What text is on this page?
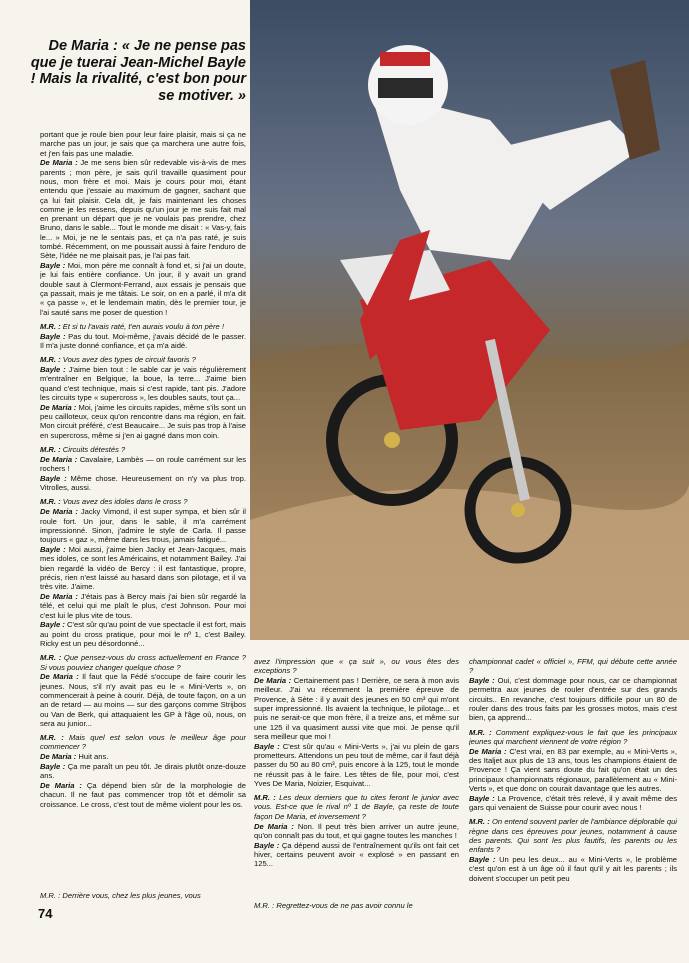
De Maria : « Je ne pense pas que je tuerai Jean-Michel Bayle ! Mais la rivalité, c'est bon pour se motiver. »

portant que je roule bien pour leur faire plaisir, mais si ça ne marche pas un jour, je sais que ça marchera une autre fois, et j'en fais pas une maladie.

De Maria : Je me sens bien sûr redevable vis-à-vis de mes parents ; mon père, je sais qu'il travaille quasiment pour nous, mon frère et moi. Mais je cours pour moi, étant entendu que j'essaie au maximum de gagner, sachant que ça lui fait plaisir. Cela dit, je fais maintenant les choses comme je les ressens, depuis qu'un jour je me suis fait mal en prenant un départ que je ne voulais pas prendre, chez Bruno, dans le sable... Tout le monde me disait : « Vas-y, fais le... » Moi, je ne le sentais pas, et ça n'a pas raté, je suis tombé. Récemment, on me poussait aussi à faire l'enduro de Sète, l'idée ne me plaisait pas, je l'ai pas fait.

Bayle : Moi, mon père me connaît à fond et, si j'ai un doute, je lui fais entière confiance. Un jour, il y avait un grand double saut à Clermont-Ferrand, aux essais je pensais que ça passait, mais je me tâtais. Le soir, on en a parlé, il m'a dit « ça passe », et le lendemain matin, dès le premier tour, je l'ai sauté sans me poser de question !

M.R. : Et si tu l'avais raté, t'en aurais voulu à ton père !

Bayle : Pas du tout. Moi-même, j'avais décidé de le passer. Il m'a juste donné confiance, et ça m'a aidé.

M.R. : Vous avez des types de circuit favoris ?

Bayle : J'aime bien tout : le sable car je vais régulièrement m'entraîner en Belgique, la boue, la terre... J'aime bien quand c'est technique, mais si c'est rapide, tant pis. J'adore les circuits type « supercross », les doubles sauts, tout ça...

De Maria : Moi, j'aime les circuits rapides, même s'ils sont un peu cailloteux, ceux qu'on rencontre dans ma région, en fait. Mon circuit préféré, c'est Beaucaire... Je suis pas trop à l'aise en supercross, même si j'en ai gagné dans mon coin.

M.R. : Circuits détestés ?

De Maria : Cavalaire, Lambès — on roule carrément sur les rochers !

Bayle : Même chose. Heureusement on n'y va plus trop. Vitrolles, aussi.

M.R. : Vous avez des idoles dans le cross ?

De Maria : Jacky Vimond, il est super sympa, et bien sûr il roule fort. Un jour, dans le sable, il m'a carrément impressionné. Sinon, j'admire le style de Carla. Il passe toujours « gaz », même dans les trous, jamais fatigué...

Bayle : Moi aussi, j'aime bien Jacky et Jean-Jacques, mais mes idoles, ce sont les Américains, et notamment Bailey. J'ai bien regardé la vidéo de Bercy : il est fantastique, propre, précis, rien n'est laissé au hasard dans son pilotage, et il va très vite. J'aime.

De Maria : J'étais pas à Bercy mais j'ai bien sûr regardé la télé, et celui qui me plaît le plus, c'est Johnson. Pour moi c'est lui le plus vite de tous.

Bayle : C'est sûr qu'au point de vue spectacle il est fort, mais au point du cross pratique, pour moi le nº 1, c'est Bailey. Ricky est un peu désordonné...

M.R. : Que pensez-vous du cross actuellement en France ? Si vous pouviez changer quelque chose ?

De Maria : Il faut que la Fédé s'occupe de faire courir les jeunes. Nous, s'il n'y avait pas eu le « Mini-Verts », on commencerait à peine à courir. Déjà, de toute façon, on a un an de retard — au moins — sur des garçons comme Strijbos ou Van de Berk, qui attaquaient les GP à l'âge où, nous, on sera au junior...

M.R. : Mais quel est selon vous le meilleur âge pour commencer ?

De Maria : Huit ans.

Bayle : Ça me paraît un peu tôt. Je dirais plutôt onze-douze ans.

De Maria : Ça dépend bien sûr de la morphologie de chacun. Il ne faut pas commencer trop tôt et démolir sa croissance. Le cross, c'est tout de même violent pour les os.

avez l'impression que « ça suit », ou vous êtes des exceptions ?

De Maria : Certainement pas ! Derrière, ce sera à mon avis meilleur. J'ai vu récemment la première épreuve de Provence, à Sète : il y avait des jeunes en 50 cm³ qui m'ont super impressionné. Ils avaient la technique, le pilotage... et puis ne serait-ce que mon frère, il a treize ans, et même sur une 125 il va quasiment aussi vite que moi. Je pense qu'il sera meilleur que moi !

Bayle : C'est sûr qu'au « Mini-Verts », j'ai vu plein de gars prometteurs. Attendons un peu tout de même, car il faut déjà passer du 50 au 80 cm³, puis encore à la 125, tout le monde ne réussit pas à le faire. Les têtes de file, pour moi, c'est Yves De Maria, Noizier, Esquivat...

M.R. : Les deux derniers que tu cites feront le junior avec vous. Est-ce que le rival nº 1 de Bayle, ça reste de toute façon De Maria, et inversement ?

De Maria : Non. Il peut très bien arriver un autre jeune, qu'on connaît pas du tout, et qui gagne toutes les manches !

Bayle : Ça dépend aussi de l'entraînement qu'ils ont fait cet hiver, certains peuvent avoir « explosé » en passant en 125...

championnat cadet « officiel », FFM, qui débute cette année ?

Bayle : Oui, c'est dommage pour nous, car ce championnat permettra aux jeunes de rouler d'entrée sur des grands circuits.. En revanche, c'est toujours difficile pour un 80 de rouler dans des trous faits par les grosses motos, mais c'est bien, ça apprend...

M.R. : Comment expliquez-vous le fait que les principaux jeunes qui marchent viennent de votre région ?

De Maria : C'est vrai, en 83 par exemple, au « Mini-Verts », des Italjet aux plus de 13 ans, tous les champions étaient de Provence ! Ça vient sans doute du fait qu'on était un des principaux championnats régionaux, parallèlement au « Mini-Verts », et que donc on courait davantage que les autres.

Bayle : La Provence, c'était très relevé, il y avait même des gars qui venaient de Suisse pour courir avec nous !

M.R. : On entend souvent parler de l'ambiance déplorable qui règne dans ces épreuves pour jeunes, notamment à cause des parents. Qui sont les plus fautifs, les parents ou les enfants ?

Bayle : Un peu les deux... au « Mini-Verts », le problème c'est qu'on est à un âge où il faut qu'il y ait les parents ; ils doivent s'occuper un petit peu

M.R. : Derrière vous, chez les plus jeunes, vous
M.R. : Regrettez-vous de ne pas avoir connu le
74
